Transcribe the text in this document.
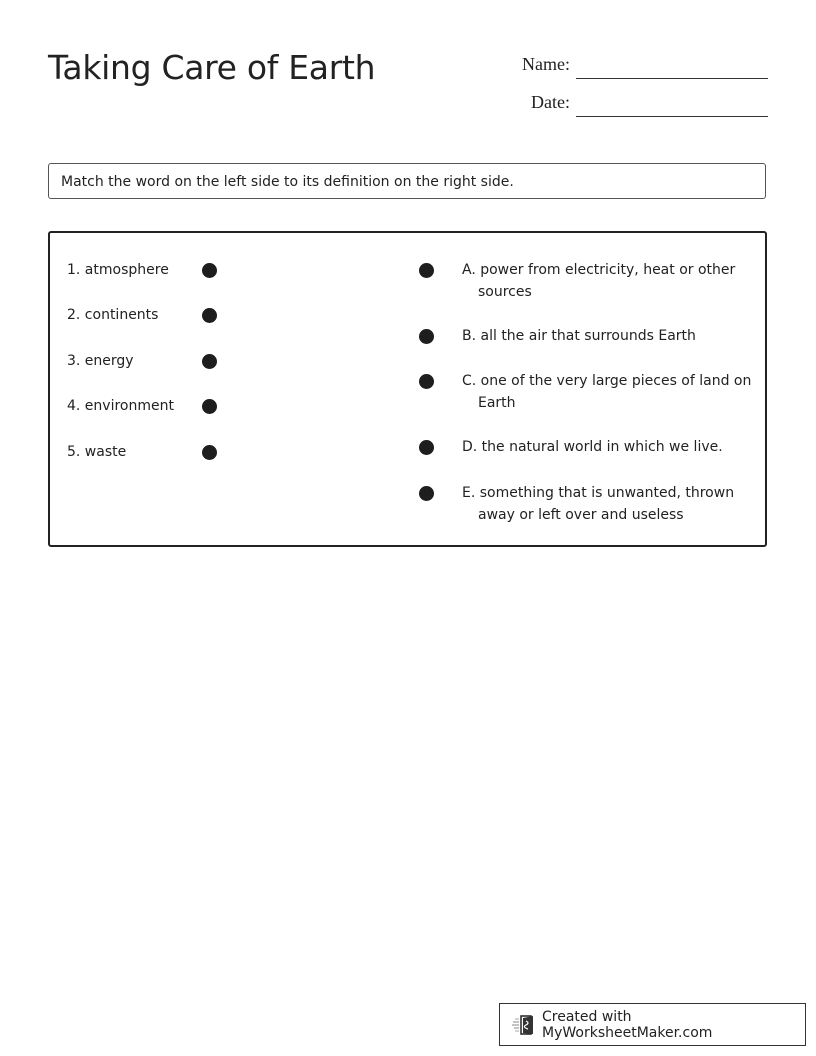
Taking Care of Earth	Name:
Date:
Match the word on the left side to its definition on the right side.
1. atmosphere
2. continents
3. energy
4. environment
5. waste
A. power from electricity, heat or other sources
B. all the air that surrounds Earth
C. one of the very large pieces of land on Earth
D. the natural world in which we live.
E. something that is unwanted, thrown away or left over and useless
Created with MyWorksheetMaker.com
